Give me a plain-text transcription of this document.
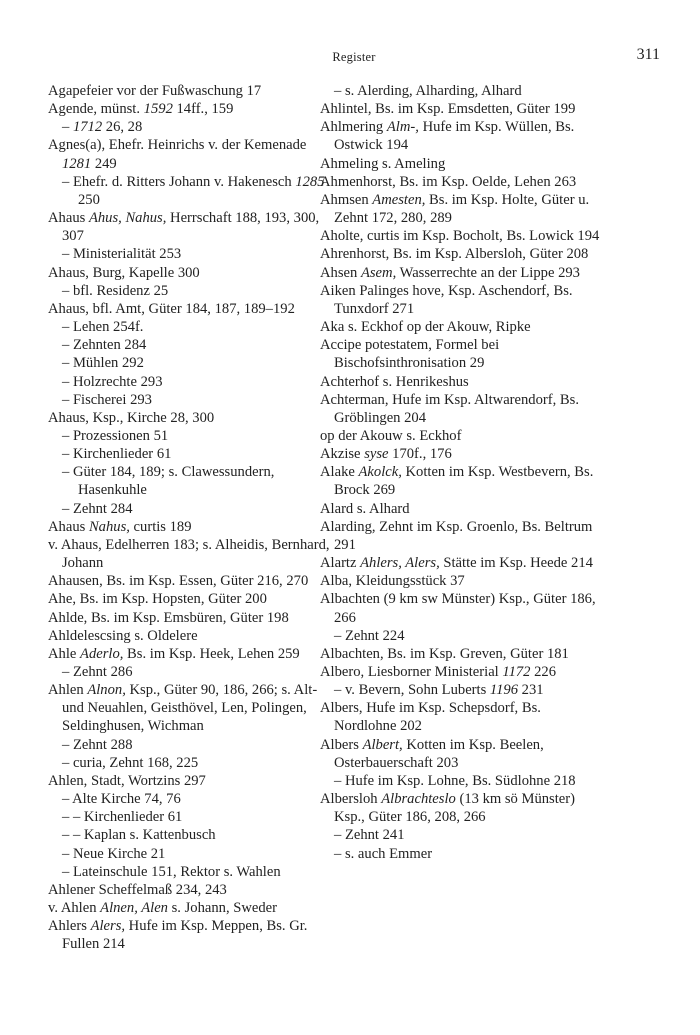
Register	311

Agapefeier vor der Fußwaschung 17

Agende, münst. 1592 14ff., 159

– 1712 26, 28

Agnes(a), Ehefr. Heinrichs v. der Kemenade 1281 249

– Ehefr. d. Ritters Johann v. Hakenesch 1285 250

Ahaus Ahus, Nahus, Herrschaft 188, 193, 300, 307

– Ministerialität 253

Ahaus, Burg, Kapelle 300

– bfl. Residenz 25

Ahaus, bfl. Amt, Güter 184, 187, 189–192

– Lehen 254f.

– Zehnten 284

– Mühlen 292

– Holzrechte 293

– Fischerei 293

Ahaus, Ksp., Kirche 28, 300

– Prozessionen 51

– Kirchenlieder 61

– Güter 184, 189; s. Clawessundern, Hasenkuhle

– Zehnt 284

Ahaus Nahus, curtis 189

v. Ahaus, Edelherren 183; s. Alheidis, Bernhard, Johann

Ahausen, Bs. im Ksp. Essen, Güter 216, 270

Ahe, Bs. im Ksp. Hopsten, Güter 200

Ahlde, Bs. im Ksp. Emsbüren, Güter 198

Ahldelescsing s. Oldelere

Ahle Aderlo, Bs. im Ksp. Heek, Lehen 259

– Zehnt 286

Ahlen Alnon, Ksp., Güter 90, 186, 266; s. Alt- und Neuahlen, Geisthövel, Len, Polingen, Seldinghusen, Wichman

– Zehnt 288

– curia, Zehnt 168, 225

Ahlen, Stadt, Wortzins 297

– Alte Kirche 74, 76

– – Kirchenlieder 61

– – Kaplan s. Kattenbusch

– Neue Kirche 21

– Lateinschule 151, Rektor s. Wahlen

Ahlener Scheffelmaß 234, 243

v. Ahlen Alnen, Alen s. Johann, Sweder

Ahlers Alers, Hufe im Ksp. Meppen, Bs. Gr. Fullen 214

– s. Alerding, Alharding, Alhard

Ahlintel, Bs. im Ksp. Emsdetten, Güter 199

Ahlmering Alm-, Hufe im Ksp. Wüllen, Bs. Ostwick 194

Ahmeling s. Ameling

Ahmenhorst, Bs. im Ksp. Oelde, Lehen 263

Ahmsen Amesten, Bs. im Ksp. Holte, Güter u. Zehnt 172, 280, 289

Aholte, curtis im Ksp. Bocholt, Bs. Lowick 194

Ahrenhorst, Bs. im Ksp. Albersloh, Güter 208

Ahsen Asem, Wasserrechte an der Lippe 293

Aiken Palinges hove, Ksp. Aschendorf, Bs. Tunxdorf 271

Aka s. Eckhof op der Akouw, Ripke

Accipe potestatem, Formel bei Bischofsinthronisation 29

Achterhof s. Henrikeshus

Achterman, Hufe im Ksp. Altwarendorf, Bs. Gröblingen 204

op der Akouw s. Eckhof

Akzise syse 170f., 176

Alake Akolck, Kotten im Ksp. Westbevern, Bs. Brock 269

Alard s. Alhard

Alarding, Zehnt im Ksp. Groenlo, Bs. Beltrum 291

Alartz Ahlers, Alers, Stätte im Ksp. Heede 214

Alba, Kleidungsstück 37

Albachten (9 km sw Münster) Ksp., Güter 186, 266

– Zehnt 224

Albachten, Bs. im Ksp. Greven, Güter 181

Albero, Liesborner Ministerial 1172 226

– v. Bevern, Sohn Luberts 1196 231

Albers, Hufe im Ksp. Schepsdorf, Bs. Nordlohne 202

Albers Albert, Kotten im Ksp. Beelen, Osterbauerschaft 203

– Hufe im Ksp. Lohne, Bs. Südlohne 218

Albersloh Albrachteslo (13 km sö Münster) Ksp., Güter 186, 208, 266

– Zehnt 241

– s. auch Emmer
